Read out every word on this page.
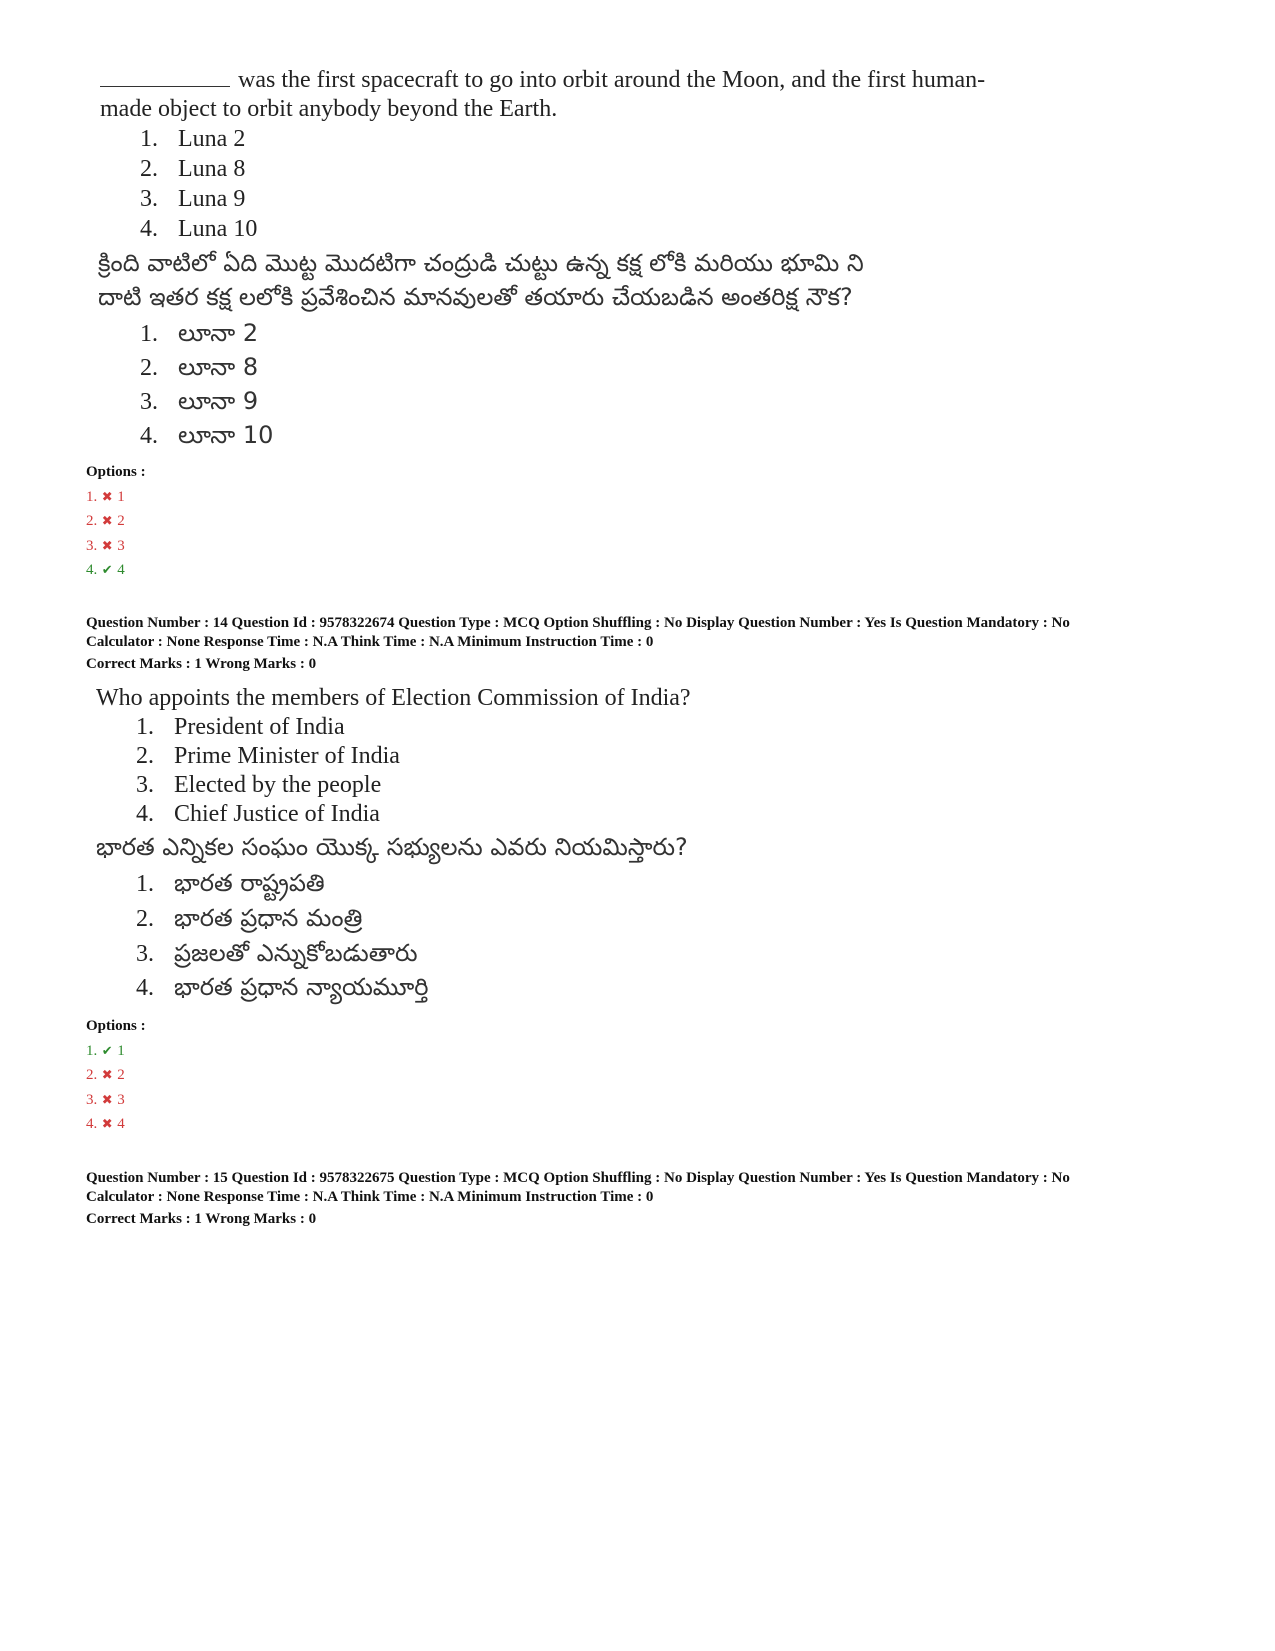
was the first spacecraft to go into orbit around the Moon, and the first human-
made object to orbit anybody beyond the Earth.
1. Luna 2
2. Luna 8
3. Luna 9
4. Luna 10
క్రింది వాటిలో ఏది మొట్ట మొదటిగా చంద్రుడి చుట్టు ఉన్న కక్ష లోకి మరియు భూమి ని
దాటి ఇతర కక్ష లలోకి ప్రవేశించిన మానవులతో తయారు చేయబడిన అంతరిక్ష నౌక?
1. లూనా 2
2. లూనా 8
3. లూనా 9
4. లూనా 10
Options :
1. ✖ 1
2. ✖ 2
3. ✖ 3
4. ✔ 4
Question Number : 14 Question Id : 9578322674 Question Type : MCQ Option Shuffling : No Display Question Number : Yes Is Question Mandatory : No
Calculator : None Response Time : N.A Think Time : N.A Minimum Instruction Time : 0
Correct Marks : 1 Wrong Marks : 0
Who appoints the members of Election Commission of India?
1. President of India
2. Prime Minister of India
3. Elected by the people
4. Chief Justice of India
భారత ఎన్నికల సంఘం యొక్క సభ్యులను ఎవరు నియమిస్తారు?
1. భారత రాష్ట్రపతి
2. భారత ప్రధాన మంత్రి
3. ప్రజలతో ఎన్నుకోబడుతారు
4. భారత ప్రధాన న్యాయమూర్తి
Options :
1. ✔ 1
2. ✖ 2
3. ✖ 3
4. ✖ 4
Question Number : 15 Question Id : 9578322675 Question Type : MCQ Option Shuffling : No Display Question Number : Yes Is Question Mandatory : No
Calculator : None Response Time : N.A Think Time : N.A Minimum Instruction Time : 0
Correct Marks : 1 Wrong Marks : 0
